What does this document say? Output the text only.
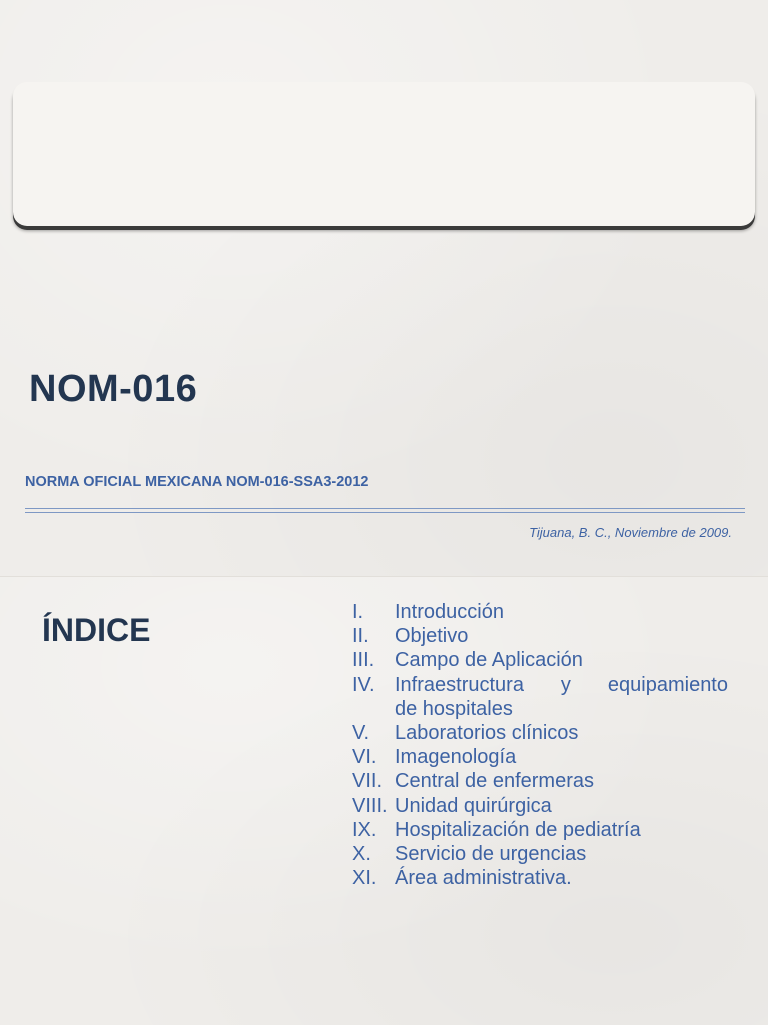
NOM-016

NORMA OFICIAL MEXICANA NOM-016-SSA3-2012

Tijuana, B. C., Noviembre de 2009.

ÍNDICE	I.	Introducción
II.	Objetivo
III.	Campo de Aplicación
IV.	Infraestructura y equipamiento
de hospitales
V.	Laboratorios clínicos
VI. Imagenología
VII. Central de enfermeras
VIII. Unidad quirúrgica
IX. Hospitalización de pediatría
X.	Servicio de urgencias
XI. Área administrativa.
